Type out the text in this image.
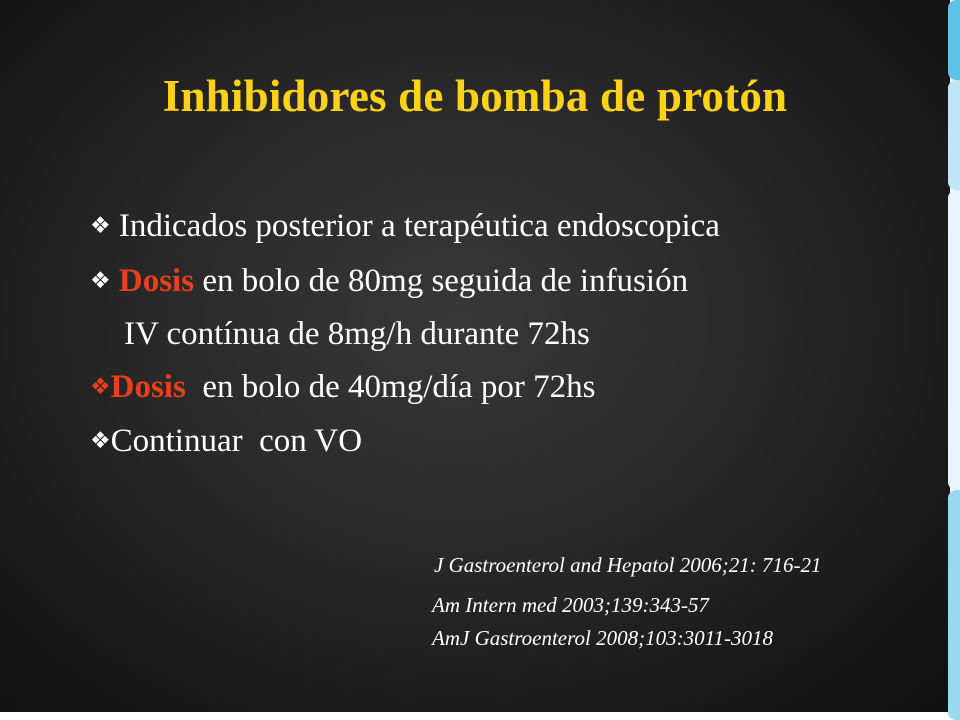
Inhibidores de bomba de protón
❖ Indicados posterior a terapéutica endoscopica
❖ Dosis en bolo de 80mg seguida de infusión
IV contínua de 8mg/h durante 72hs
❖Dosis  en bolo de 40mg/día por 72hs
❖Continuar  con VO
J Gastroenterol and Hepatol 2006;21: 716-21
Am Intern med 2003;139:343-57
AmJ Gastroenterol 2008;103:3011-3018
